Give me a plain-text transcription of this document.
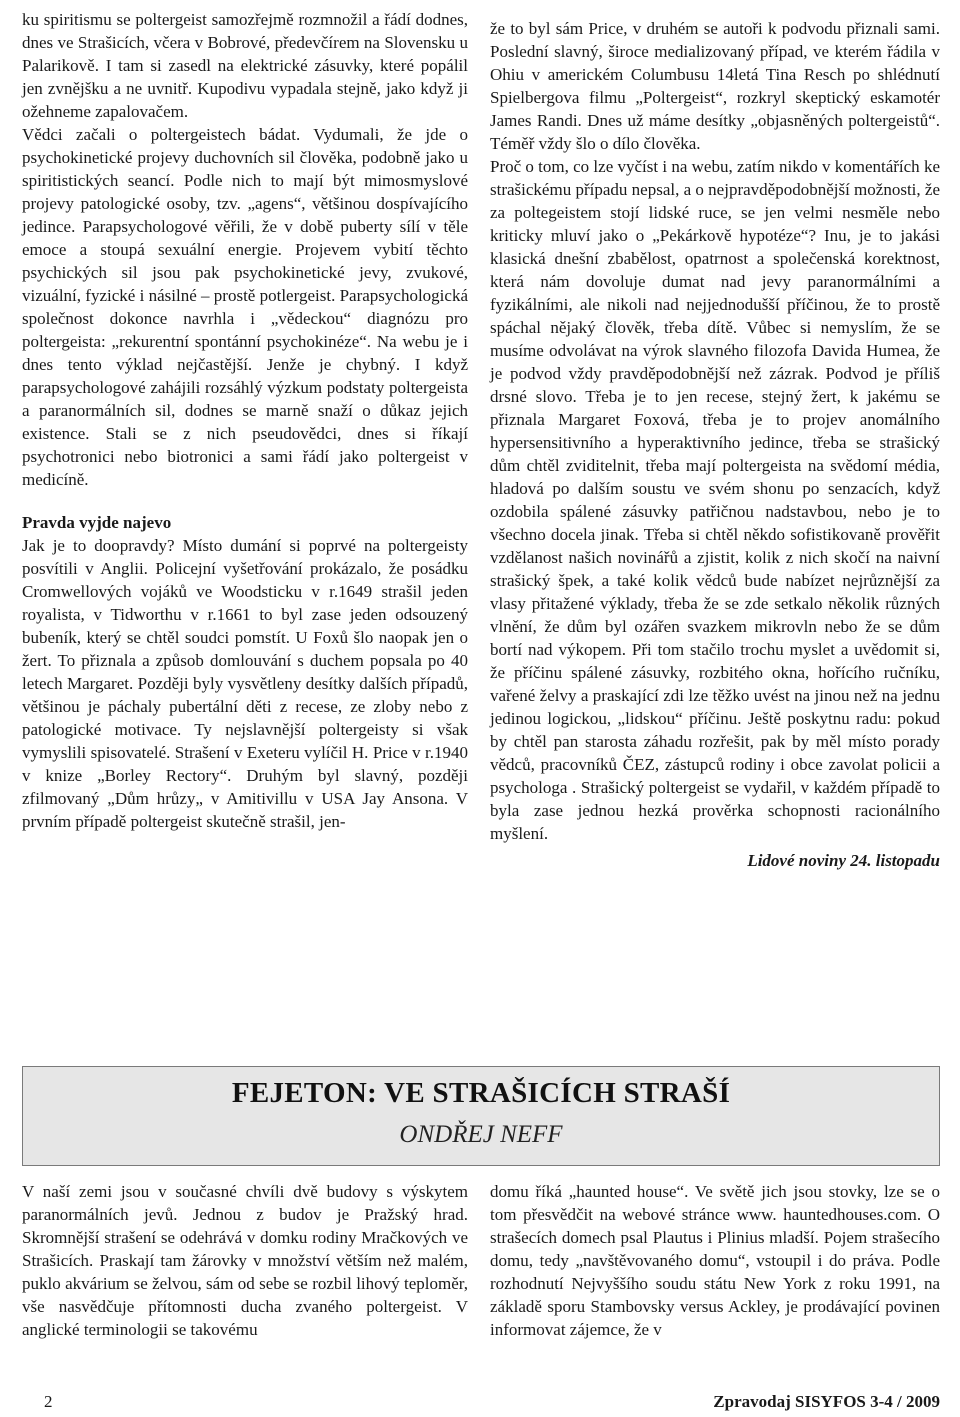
ku spiritismu se poltergeist samozřejmě rozmnožil a řádí dodnes, dnes ve Strašicích, včera v Bobrové, předevčírem na Slovensku u Palarikově. I tam si zasedl na elektrické zásuvky, které popálil jen zvnějšku a ne uvnitř. Kupodivu vypadala stejně, jako když ji ožehneme zapalovačem.

Vědci začali o poltergeistech bádat. Vydumali, že jde o psychokinetické projevy duchovních sil člověka, podobně jako u spiritistických seancí. Podle nich to mají být mimosmyslové projevy patologické osoby, tzv. „agens“, většinou dospívajícího jedince. Parapsychologové věřili, že v době puberty sílí v těle emoce a stoupá sexuální energie. Projevem vybití těchto psychických sil jsou pak psychokinetické jevy, zvukové, vizuální, fyzické i násilné – prostě potlergeist. Parapsychologická společnost dokonce navrhla i „vědeckou“ diagnózu pro poltergeista: „rekurentní spontánní psychokinéze“. Na webu je i dnes tento výklad nejčastější. Jenže je chybný. I když parapsychologové zahájili rozsáhlý výzkum podstaty poltergeista a paranormálních sil, dodnes se marně snaží o důkaz jejich existence. Stali se z nich pseudovědci, dnes si říkají psychotronici nebo biotronici a sami řádí jako poltergeist v medicíně.

Pravda vyjde najevo

Jak je to doopravdy? Místo dumání si poprvé na poltergeisty posvítili v Anglii. Policejní vyšetřování prokázalo, že posádku Cromwellových vojáků ve Woodsticku v r.1649 strašil jeden royalista, v Tidworthu v r.1661 to byl zase jeden odsouzený bubeník, který se chtěl soudci pomstít. U Foxů šlo naopak jen o žert. To přiznala a způsob domlouvání s duchem popsala po 40 letech Margaret. Později byly vysvětleny desítky dalších případů, většinou je páchaly pubertální děti z recese, ze zloby nebo z patologické motivace. Ty nejslavnější poltergeisty si však vymyslili spisovatelé. Strašení v Exeteru vylíčil H. Price v r.1940 v knize „Borley Rectory“. Druhým byl slavný, později zfilmovaný „Dům hrůzy„ v Amitivillu v USA Jay Ansona. V prvním případě poltergeist skutečně strašil, jen-

že to byl sám Price, v druhém se autoři k podvodu přiznali sami. Poslední slavný, široce medializovaný případ, ve kterém řádila v Ohiu v americkém Columbusu 14letá Tina Resch po shlédnutí Spielbergova filmu „Poltergeist“, rozkryl skeptický eskamotér James Randi. Dnes už máme desítky „objasněných poltergeistů“. Téměř vždy šlo o dílo člověka.

Proč o tom, co lze vyčíst i na webu, zatím nikdo v komentářích ke strašickému případu nepsal, a o nejpravděpodobnější možnosti, že za poltegeistem stojí lidské ruce, se jen velmi nesměle nebo kriticky mluví jako o „Pekárkově hypotéze“? Inu, je to jakási klasická dnešní zbabělost, opatrnost a společenská korektnost, která nám dovoluje dumat nad jevy paranormálními a fyzikálními, ale nikoli nad nejjednodušší příčinou, že to prostě spáchal nějaký člověk, třeba dítě. Vůbec si nemyslím, že se musíme odvolávat na výrok slavného filozofa Davida Humea, že je podvod vždy pravděpodobnější než zázrak. Podvod je příliš drsné slovo. Třeba je to jen recese, stejný žert, k jakému se přiznala Margaret Foxová, třeba je to projev anomálního hypersensitivního a hyperaktivního jedince, třeba se strašický dům chtěl zviditelnit, třeba mají poltergeista na svědomí média, hladová po dalším soustu ve svém shonu po senzacích, když ozdobila spálené zásuvky patřičnou nadstavbou, nebo je to všechno docela jinak. Třeba si chtěl někdo sofistikovaně prověřit vzdělanost našich novinářů a zjistit, kolik z nich skočí na naivní strašický špek, a také kolik vědců bude nabízet nejrůznější za vlasy přitažené výklady, třeba že se zde setkalo několik různých vlnění, že dům byl ozářen svazkem mikrovln nebo že se dům bortí nad výkopem. Při tom stačilo trochu myslet a uvědomit si, že příčinu spálené zásuvky, rozbitého okna, hořícího ručníku, vařené želvy a praskající zdi lze těžko uvést na jinou než na jednu jedinou logickou, „lidskou“ příčinu. Ještě poskytnu radu: pokud by chtěl pan starosta záhadu rozřešit, pak by měl místo porady vědců, pracovníků ČEZ, zástupců rodiny i obce zavolat policii a psychologa . Strašický poltergeist se vydařil, v každém případě to byla zase jednou hezká prověrka schopnosti racionálního myšlení.

Lidové noviny 24. listopadu

FEJETON: VE STRAŠICÍCH STRAŠÍ
ONDŘEJ NEFF

V naší zemi jsou v současné chvíli dvě budovy s výskytem paranormálních jevů. Jednou z budov je Pražský hrad. Skromnější strašení se odehrává v domku rodiny Mračkových ve Strašicích. Praskají tam žárovky v množství větším než malém, puklo akvárium se želvou, sám od sebe se rozbil lihový teploměr, vše nasvědčuje přítomnosti ducha zvaného poltergeist. V anglické terminologii se takovému

domu říká „haunted house“. Ve světě jich jsou stovky, lze se o tom přesvědčit na webové stránce www. hauntedhouses.com. O strašecích domech psal Plautus i Plinius mladší. Pojem strašecího domu, tedy „navštěvovaného domu“, vstoupil i do práva. Podle rozhodnutí Nejvyššího soudu státu New York z roku 1991, na základě sporu Stambovsky versus Ackley, je prodávající povinen informovat zájemce, že v

2	Zpravodaj SISYFOS 3-4 / 2009
